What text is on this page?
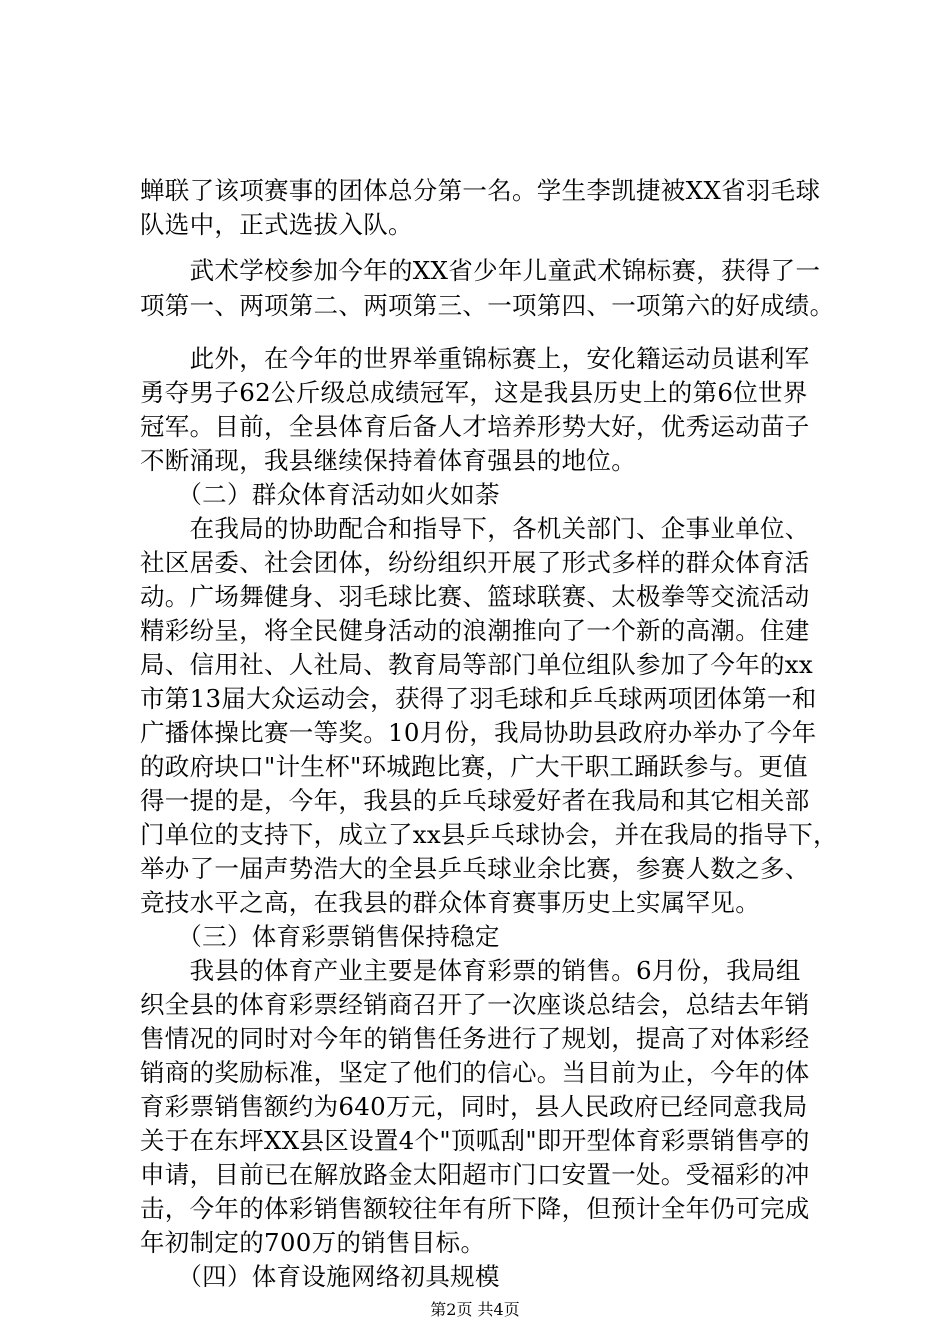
蝉联了该项赛事的团体总分第一名。学生李凯捷被XX省羽毛球
队选中，正式选拔入队。
　　武术学校参加今年的XX省少年儿童武术锦标赛，获得了一
项第一、两项第二、两项第三、一项第四、一项第六的好成绩。
　　此外，在今年的世界举重锦标赛上，安化籍运动员谌利军
勇夺男子62公斤级总成绩冠军，这是我县历史上的第6位世界
冠军。目前，全县体育后备人才培养形势大好，优秀运动苗子
不断涌现，我县继续保持着体育强县的地位。
　　（二）群众体育活动如火如荼
　　在我局的协助配合和指导下，各机关部门、企事业单位、
社区居委、社会团体，纷纷组织开展了形式多样的群众体育活
动。广场舞健身、羽毛球比赛、篮球联赛、太极拳等交流活动
精彩纷呈，将全民健身活动的浪潮推向了一个新的高潮。住建
局、信用社、人社局、教育局等部门单位组队参加了今年的xx
市第13届大众运动会，获得了羽毛球和乒乓球两项团体第一和
广播体操比赛一等奖。10月份，我局协助县政府办举办了今年
的政府块口"计生杯"环城跑比赛，广大干职工踊跃参与。更值
得一提的是，今年，我县的乒乓球爱好者在我局和其它相关部
门单位的支持下，成立了xx县乒乓球协会，并在我局的指导下，
举办了一届声势浩大的全县乒乓球业余比赛，参赛人数之多、
竞技水平之高，在我县的群众体育赛事历史上实属罕见。
　　（三）体育彩票销售保持稳定
　　我县的体育产业主要是体育彩票的销售。6月份，我局组
织全县的体育彩票经销商召开了一次座谈总结会，总结去年销
售情况的同时对今年的销售任务进行了规划，提高了对体彩经
销商的奖励标准，坚定了他们的信心。当目前为止，今年的体
育彩票销售额约为640万元，同时，县人民政府已经同意我局
关于在东坪XX县区设置4个"顶呱刮"即开型体育彩票销售亭的
申请，目前已在解放路金太阳超市门口安置一处。受福彩的冲
击，今年的体彩销售额较往年有所下降，但预计全年仍可完成
年初制定的700万的销售目标。
　　（四）体育设施网络初具规模
第2页 共4页
